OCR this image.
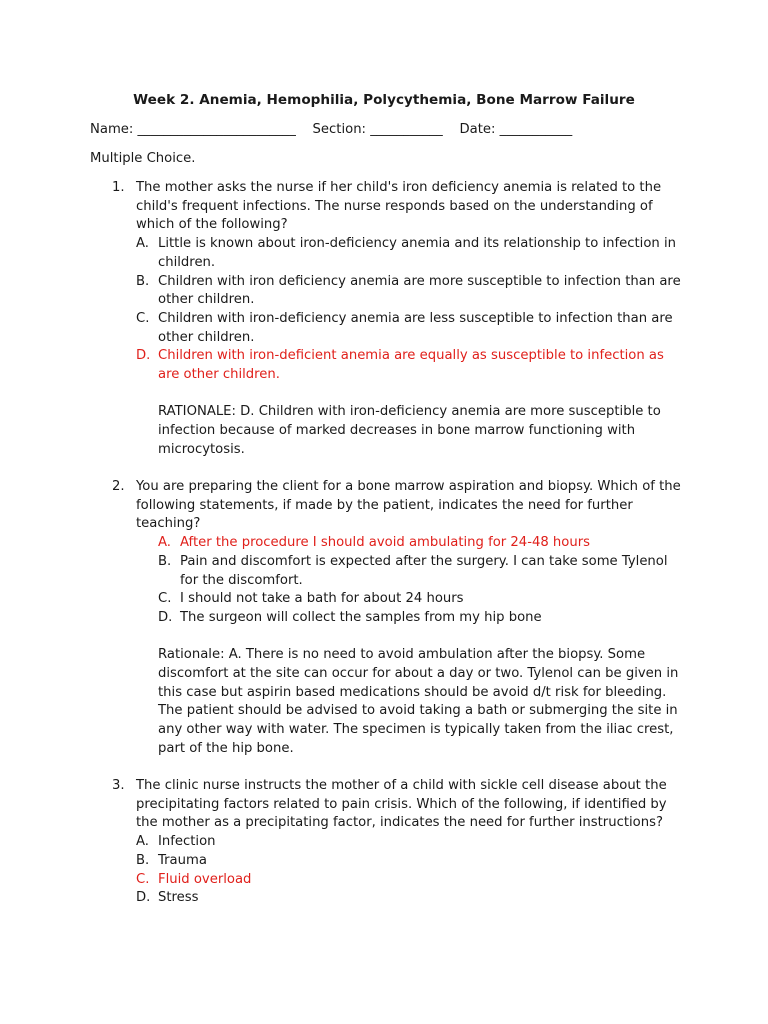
Week 2. Anemia, Hemophilia, Polycythemia, Bone Marrow Failure
Name: ________________________    Section: ___________    Date: ___________
Multiple Choice.
1. The mother asks the nurse if her child's iron deficiency anemia is related to the child's frequent infections. The nurse responds based on the understanding of which of the following?
A. Little is known about iron-deficiency anemia and its relationship to infection in children.
B. Children with iron deficiency anemia are more susceptible to infection than are other children.
C. Children with iron-deficiency anemia are less susceptible to infection than are other children.
D. Children with iron-deficient anemia are equally as susceptible to infection as are other children.
RATIONALE: D. Children with iron-deficiency anemia are more susceptible to infection because of marked decreases in bone marrow functioning with microcytosis.
2. You are preparing the client for a bone marrow aspiration and biopsy. Which of the following statements, if made by the patient, indicates the need for further teaching?
A. After the procedure I should avoid ambulating for 24-48 hours
B. Pain and discomfort is expected after the surgery. I can take some Tylenol for the discomfort.
C. I should not take a bath for about 24 hours
D. The surgeon will collect the samples from my hip bone
Rationale: A. There is no need to avoid ambulation after the biopsy. Some discomfort at the site can occur for about a day or two. Tylenol can be given in this case but aspirin based medications should be avoid d/t risk for bleeding. The patient should be advised to avoid taking a bath or submerging the site in any other way with water. The specimen is typically taken from the iliac crest, part of the hip bone.
3. The clinic nurse instructs the mother of a child with sickle cell disease about the precipitating factors related to pain crisis. Which of the following, if identified by the mother as a precipitating factor, indicates the need for further instructions?
A. Infection
B. Trauma
C. Fluid overload
D. Stress
